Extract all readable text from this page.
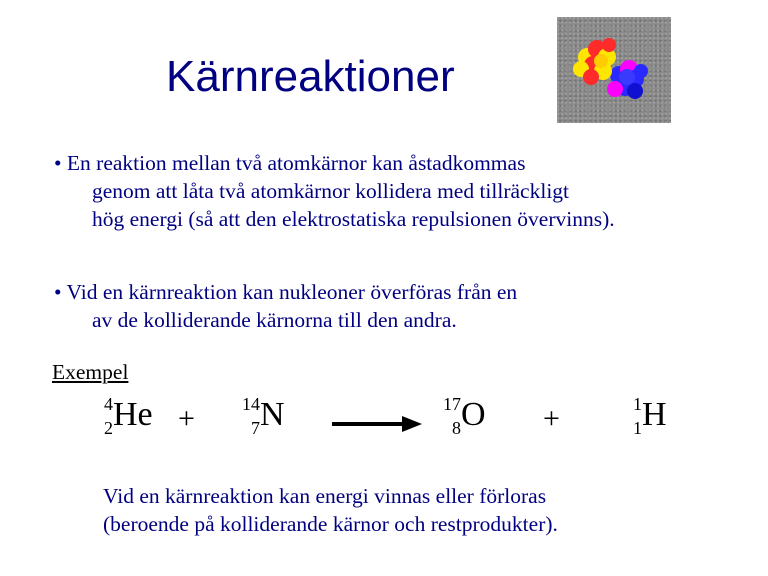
Kärnreaktioner
• En reaktion mellan två atomkärnor kan åstadkommas
genom att låta två atomkärnor kollidera med tillräckligt
hög energi (så att den elektrostatiska repulsionen övervinns).
• Vid en kärnreaktion kan nukleoner överföras från en
av de kolliderande kärnorna till den andra.
Exempel
4
2 He +	14
7 N	17
8 O +	1
1 H
Vid en kärnreaktion kan energi vinnas eller förloras
(beroende på kolliderande kärnor och restprodukter).
